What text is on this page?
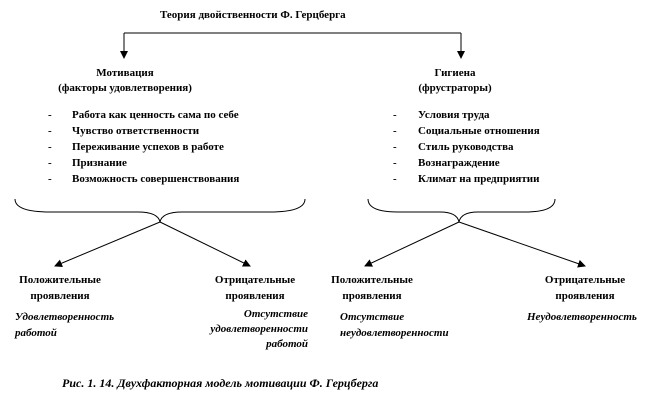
Теория двойственности Ф. Герцберга
Мотивация
(факторы удовлетворения)
- Работа как ценность сама по себе
- Чувство ответственности
- Переживание успехов в работе
- Признание
- Возможность совершенствования
Гигиена
(фрустраторы)
- Условия труда
- Социальные отношения
- Стиль руководства
- Вознаграждение
- Климат на предприятии
Положительные
проявления
Удовлетворенность
работой
Отрицательные
проявления
Отсутствие
удовлетворенности
работой
Положительные
проявления
Отсутствие
неудовлетворенности
Отрицательные
проявления
Неудовлетворенность
Рис. 1. 14. Двухфакторная модель мотивации Ф. Герцберга
